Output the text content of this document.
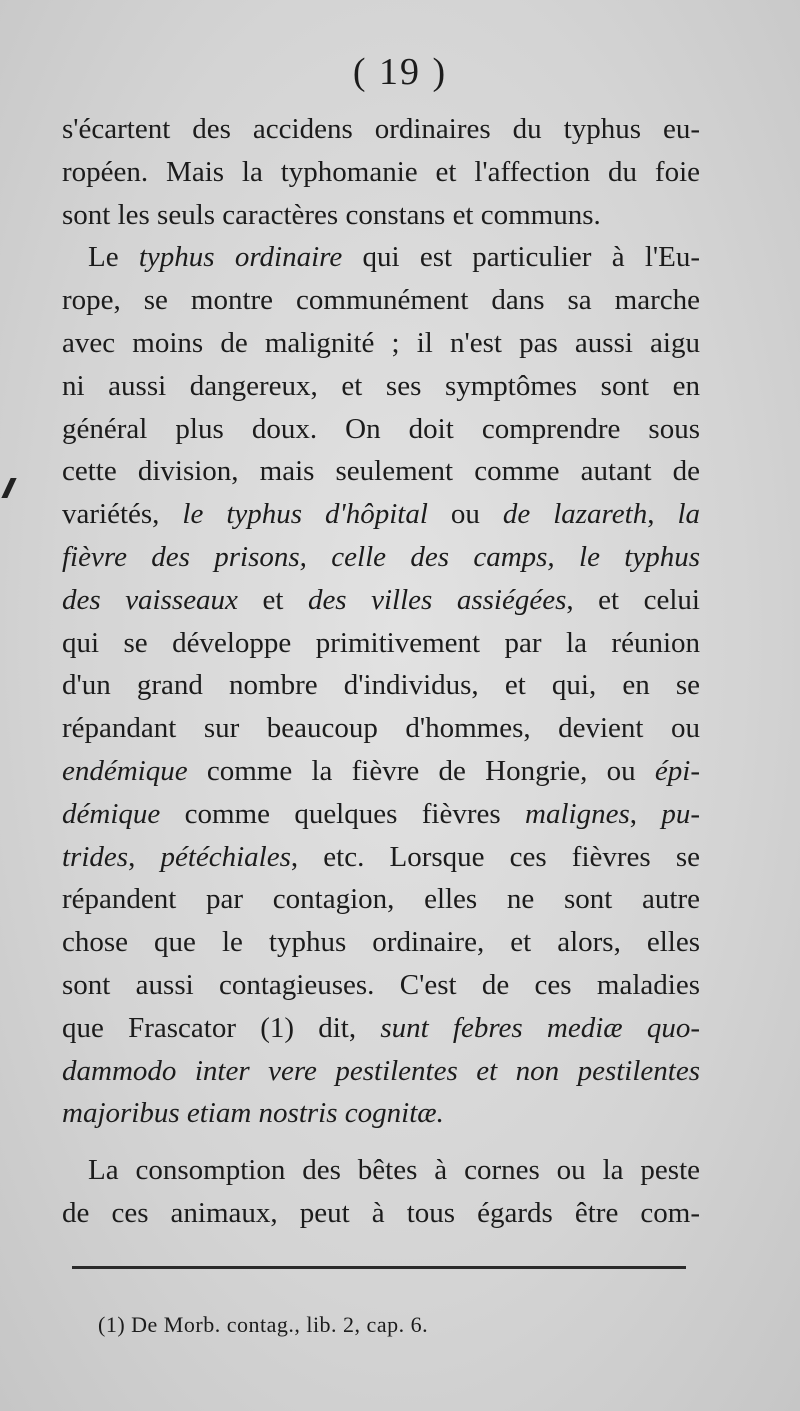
( 19 )
s'écartent des accidens ordinaires du typhus eu-
ropéen. Mais la typhomanie et l'affection du foie
sont les seuls caractères constans et communs.
Le typhus ordinaire qui est particulier à l'Eu-
rope, se montre communément dans sa marche
avec moins de malignité ; il n'est pas aussi aigu
ni aussi dangereux, et ses symptômes sont en
général plus doux. On doit comprendre sous
cette division, mais seulement comme autant de
variétés, le typhus d'hôpital ou de lazareth, la
fièvre des prisons, celle des camps, le typhus
des vaisseaux et des villes assiégées, et celui
qui se développe primitivement par la réunion
d'un grand nombre d'individus, et qui, en se
répandant sur beaucoup d'hommes, devient ou
endémique comme la fièvre de Hongrie, ou épi-
démique comme quelques fièvres malignes, pu-
trides, pétéchiales, etc. Lorsque ces fièvres se
répandent par contagion, elles ne sont autre
chose que le typhus ordinaire, et alors, elles
sont aussi contagieuses. C'est de ces maladies
que Frascator (1) dit, sunt febres mediæ quo-
dammodo inter vere pestilentes et non pestilentes
majoribus etiam nostris cognitæ.
La consomption des bêtes à cornes ou la peste
de ces animaux, peut à tous égards être com-
(1) De Morb. contag., lib. 2, cap. 6.
